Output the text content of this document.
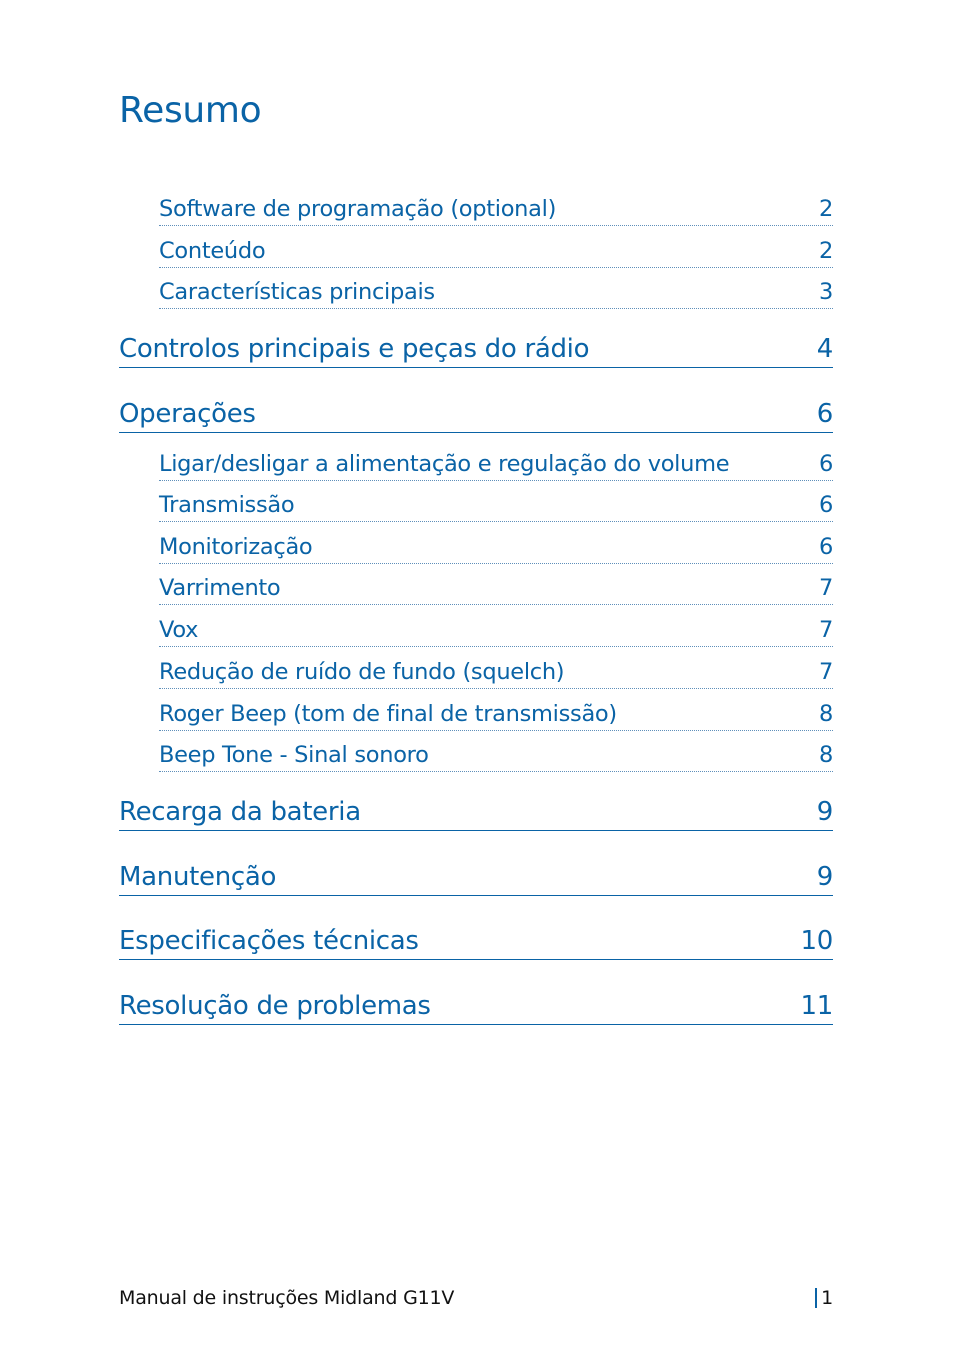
Resumo
Software de programação (optional)	2
Conteúdo	2
Características principais	3
Controlos principais e peças do rádio	4
Operações	6
Ligar/desligar a alimentação e regulação do volume	6
Transmissão	6
Monitorização	6
Varrimento	7
Vox	7
Redução de ruído de fundo (squelch)	7
Roger Beep (tom de final de transmissão)	8
Beep Tone - Sinal sonoro	8
Recarga da bateria	9
Manutenção	9
Especificações técnicas	10
Resolução de problemas	11
Manual de instruções Midland G11V	1
